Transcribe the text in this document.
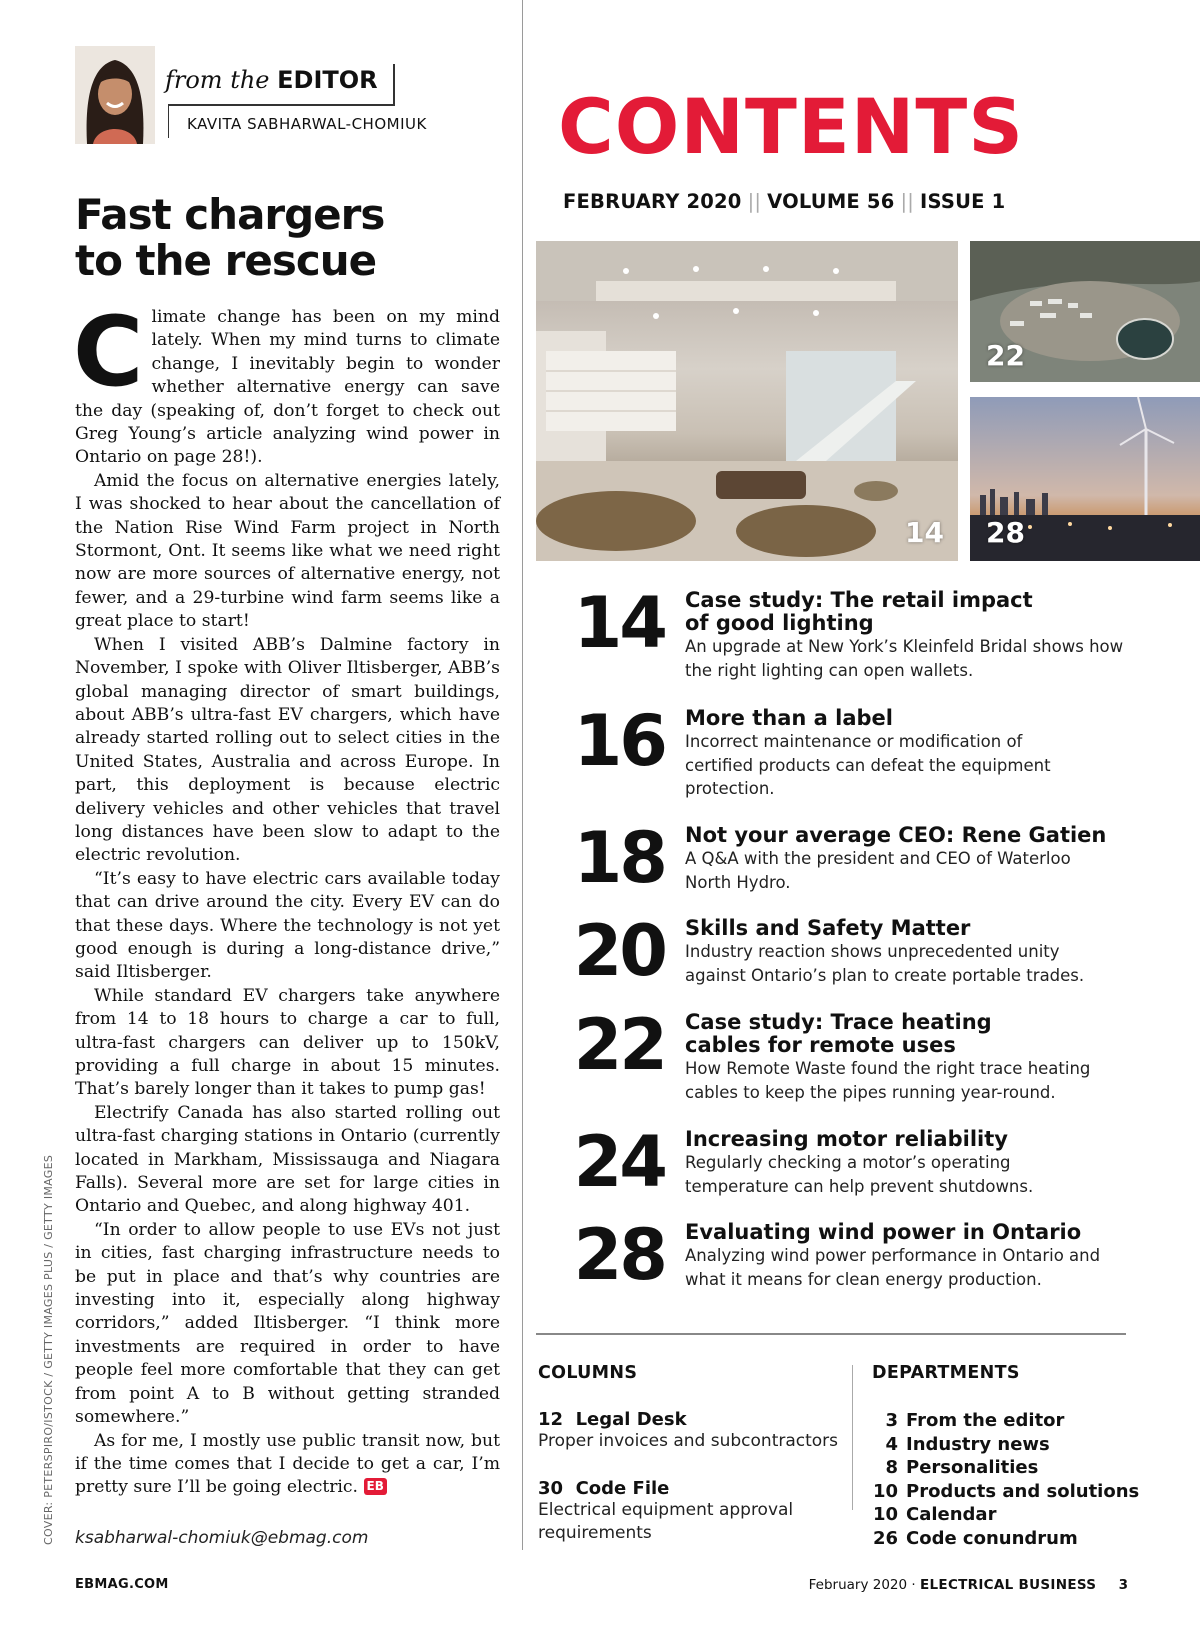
from the EDITOR
KAVITA SABHARWAL-CHOMIUK
Fast chargers
to the rescue

Climate change has been on my mind lately. When my mind turns to climate change, I inevitably begin to wonder whether alternative energy can save the day (speaking of, don’t forget to check out Greg Young’s article analyzing wind power in Ontario on page 28!).

Amid the focus on alternative energies lately, I was shocked to hear about the cancellation of the Nation Rise Wind Farm project in North Stormont, Ont. It seems like what we need right now are more sources of alternative energy, not fewer, and a 29-turbine wind farm seems like a great place to start!

When I visited ABB’s Dalmine factory in November, I spoke with Oliver Iltisberger, ABB’s global managing director of smart buildings, about ABB’s ultra-fast EV chargers, which have already started rolling out to select cities in the United States, Australia and across Europe. In part, this deployment is because electric delivery vehicles and other vehicles that travel long distances have been slow to adapt to the electric revolution.

“It’s easy to have electric cars available today that can drive around the city. Every EV can do that these days. Where the technology is not yet good enough is during a long-distance drive,” said Iltisberger.

While standard EV chargers take anywhere from 14 to 18 hours to charge a car to full, ultra-fast chargers can deliver up to 150kV, providing a full charge in about 15 minutes. That’s barely longer than it takes to pump gas!

Electrify Canada has also started rolling out ultra-fast charging stations in Ontario (currently located in Markham, Mississauga and Niagara Falls). Several more are set for large cities in Ontario and Quebec, and along highway 401.

“In order to allow people to use EVs not just in cities, fast charging infrastructure needs to be put in place and that’s why countries are investing into it, especially along highway corridors,” added Iltisberger. “I think more investments are required in order to have people feel more comfortable that they can get from point A to B without getting stranded somewhere.”

As for me, I mostly use public transit now, but if the time comes that I decide to get a car, I’m pretty sure I’ll be going electric. EB

COVER: PETERSPIRO/ISTOCK / GETTY IMAGES PLUS / GETTY IMAGES ksabharwal-chomiuk@ebmag.com
EBMAG.COM
CONTENTS
FEBRUARY 2020 || VOLUME 56 || ISSUE 1
14
22
28
14 Case study: The retail impact of good lighting
An upgrade at New York’s Kleinfeld Bridal shows how the right lighting can open wallets.
16 More than a label
Incorrect maintenance or modification of certified products can defeat the equipment protection.
18 Not your average CEO: Rene Gatien
A Q&A with the president and CEO of Waterloo North Hydro.
20 Skills and Safety Matter
Industry reaction shows unprecedented unity against Ontario’s plan to create portable trades.
22 Case study: Trace heating cables for remote uses
How Remote Waste found the right trace heating cables to keep the pipes running year-round.
24 Increasing motor reliability
Regularly checking a motor’s operating temperature can help prevent shutdowns.
28 Evaluating wind power in Ontario
Analyzing wind power performance in Ontario and what it means for clean energy production.
COLUMNS
12  Legal Desk
Proper invoices and subcontractors
30  Code File
Electrical equipment approval requirements
DEPARTMENTS
3 From the editor
4 Industry news
8 Personalities
10 Products and solutions
10 Calendar
26 Code conundrum
February 2020 · ELECTRICAL BUSINESS 3
